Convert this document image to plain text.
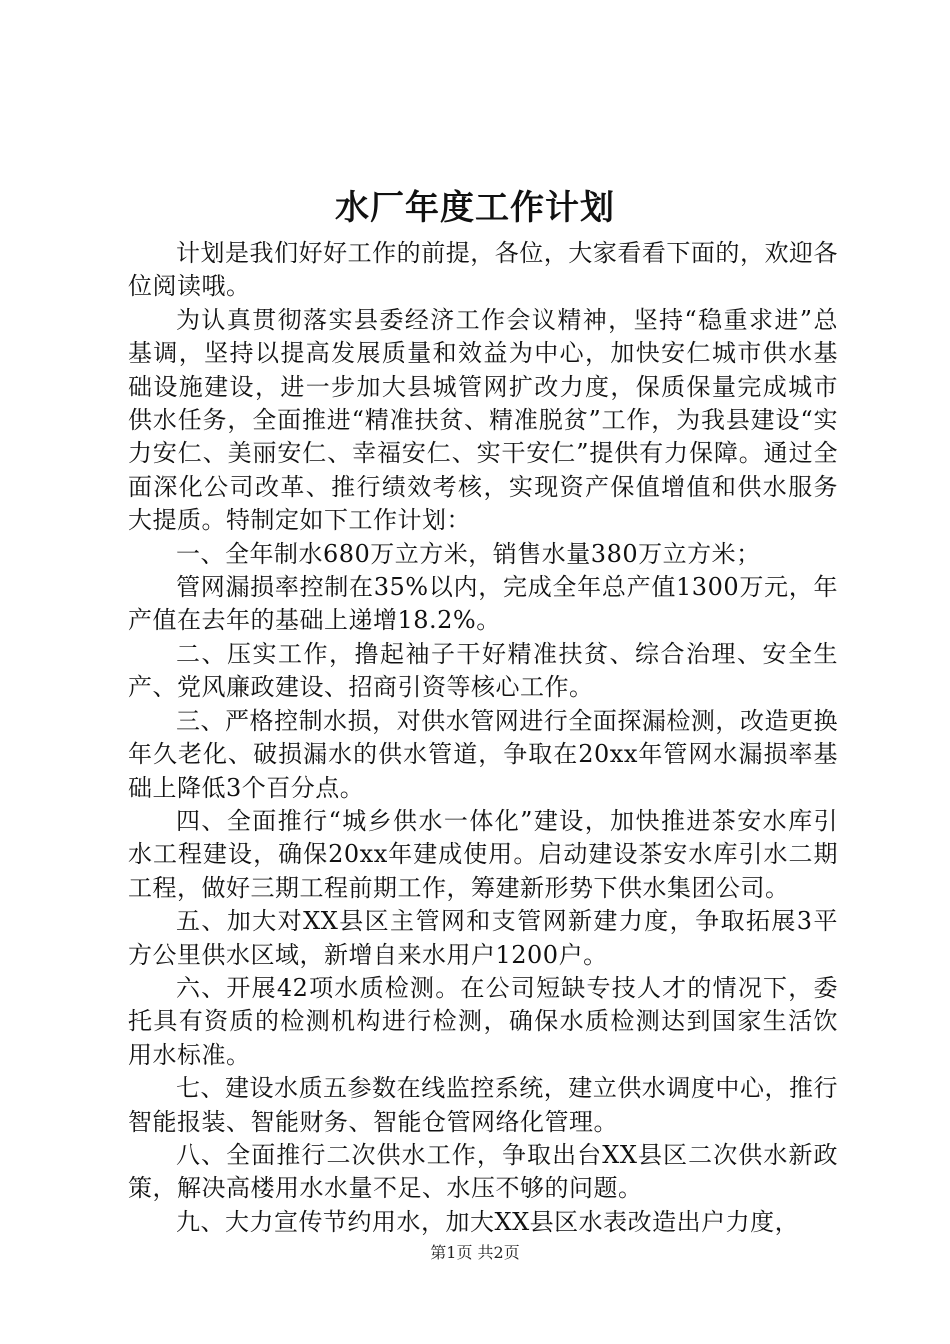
水厂年度工作计划

计划是我们好好工作的前提，各位，大家看看下面的，欢迎各位阅读哦。

为认真贯彻落实县委经济工作会议精神，坚持“稳重求进”总基调，坚持以提高发展质量和效益为中心，加快安仁城市供水基础设施建设，进一步加大县城管网扩改力度，保质保量完成城市供水任务，全面推进“精准扶贫、精准脱贫”工作，为我县建设“实力安仁、美丽安仁、幸福安仁、实干安仁”提供有力保障。通过全面深化公司改革、推行绩效考核，实现资产保值增值和供水服务大提质。特制定如下工作计划：

一、全年制水680万立方米，销售水量380万立方米；

管网漏损率控制在35%以内，完成全年总产值1300万元，年产值在去年的基础上递增18.2%。

二、压实工作，撸起袖子干好精准扶贫、综合治理、安全生产、党风廉政建设、招商引资等核心工作。

三、严格控制水损，对供水管网进行全面探漏检测，改造更换年久老化、破损漏水的供水管道，争取在20xx年管网水漏损率基础上降低3个百分点。

四、全面推行“城乡供水一体化”建设，加快推进茶安水库引水工程建设，确保20xx年建成使用。启动建设茶安水库引水二期工程，做好三期工程前期工作，筹建新形势下供水集团公司。

五、加大对XX县区主管网和支管网新建力度，争取拓展3平方公里供水区域，新增自来水用户1200户。

六、开展42项水质检测。在公司短缺专技人才的情况下，委托具有资质的检测机构进行检测，确保水质检测达到国家生活饮用水标准。

七、建设水质五参数在线监控系统，建立供水调度中心，推行智能报装、智能财务、智能仓管网络化管理。

八、全面推行二次供水工作，争取出台XX县区二次供水新政策，解决高楼用水水量不足、水压不够的问题。

九、大力宣传节约用水，加大XX县区水表改造出户力度，

第1页 共2页
